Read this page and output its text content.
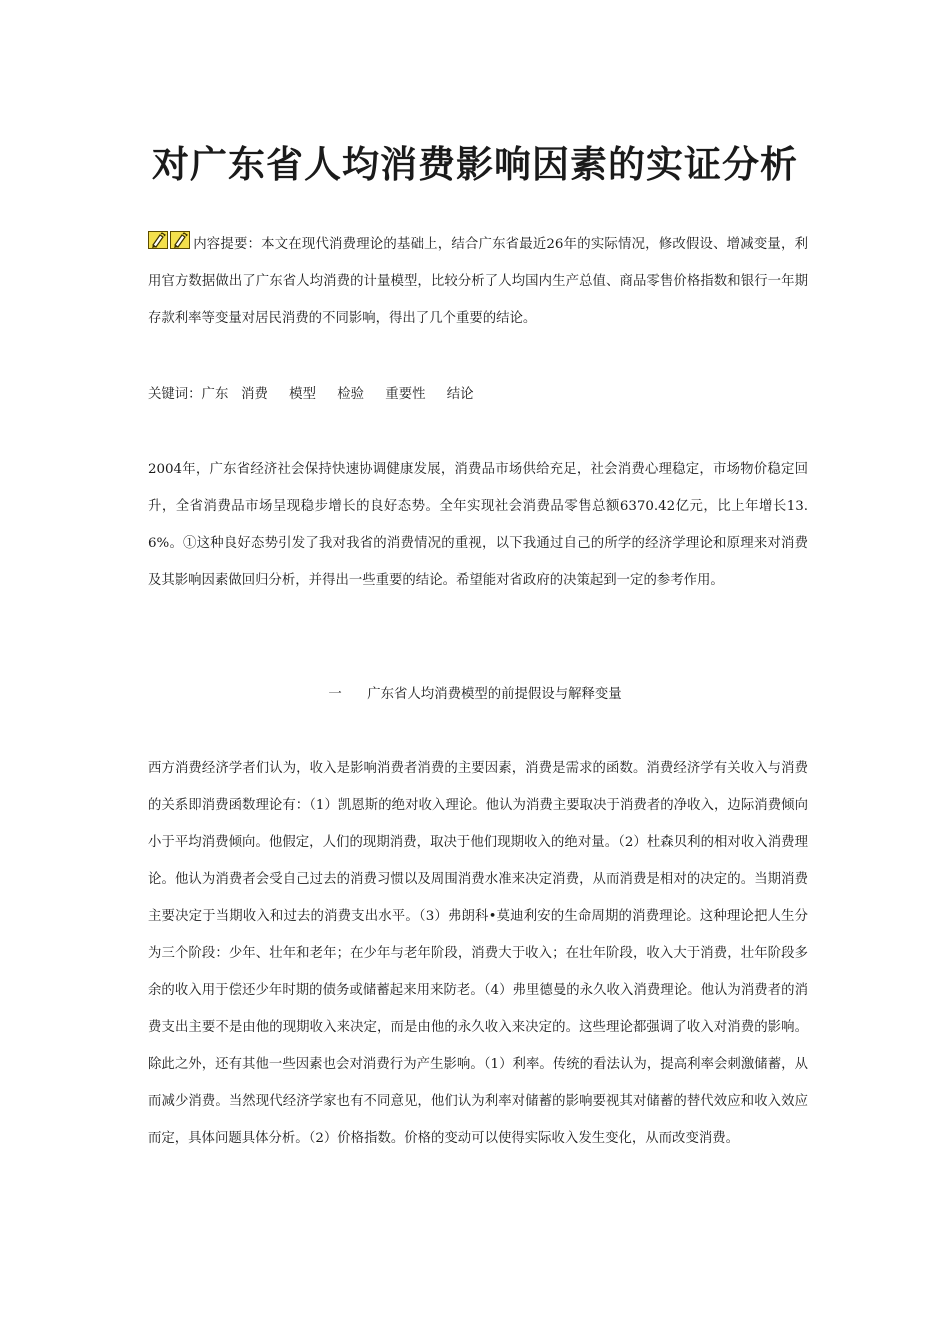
对广东省人均消费影响因素的实证分析

内容提要：本文在现代消费理论的基础上，结合广东省最近26年的实际情况，修改假设、增减变量，利用官方数据做出了广东省人均消费的计量模型，比较分析了人均国内生产总值、商品零售价格指数和银行一年期存款利率等变量对居民消费的不同影响，得出了几个重要的结论。

关键词：广东   消费     模型     检验     重要性     结论

2004年，广东省经济社会保持快速协调健康发展，消费品市场供给充足，社会消费心理稳定，市场物价稳定回升，全省消费品市场呈现稳步增长的良好态势。全年实现社会消费品零售总额6370.42亿元，比上年增长13.6%。①这种良好态势引发了我对我省的消费情况的重视，以下我通过自己的所学的经济学理论和原理来对消费及其影响因素做回归分析，并得出一些重要的结论。希望能对省政府的决策起到一定的参考作用。

一      广东省人均消费模型的前提假设与解释变量

西方消费经济学者们认为，收入是影响消费者消费的主要因素，消费是需求的函数。消费经济学有关收入与消费的关系即消费函数理论有：（1）凯恩斯的绝对收入理论。他认为消费主要取决于消费者的净收入，边际消费倾向小于平均消费倾向。他假定，人们的现期消费，取决于他们现期收入的绝对量。（2）杜森贝利的相对收入消费理论。他认为消费者会受自己过去的消费习惯以及周围消费水准来决定消费，从而消费是相对的决定的。当期消费主要决定于当期收入和过去的消费支出水平。（3）弗朗科•莫迪利安的生命周期的消费理论。这种理论把人生分为三个阶段：少年、壮年和老年；在少年与老年阶段，消费大于收入；在壮年阶段，收入大于消费，壮年阶段多余的收入用于偿还少年时期的债务或储蓄起来用来防老。（4）弗里德曼的永久收入消费理论。他认为消费者的消费支出主要不是由他的现期收入来决定，而是由他的永久收入来决定的。这些理论都强调了收入对消费的影响。除此之外，还有其他一些因素也会对消费行为产生影响。（1）利率。传统的看法认为，提高利率会刺激储蓄，从而减少消费。当然现代经济学家也有不同意见，他们认为利率对储蓄的影响要视其对储蓄的替代效应和收入效应而定，具体问题具体分析。（2）价格指数。价格的变动可以使得实际收入发生变化，从而改变消费。
